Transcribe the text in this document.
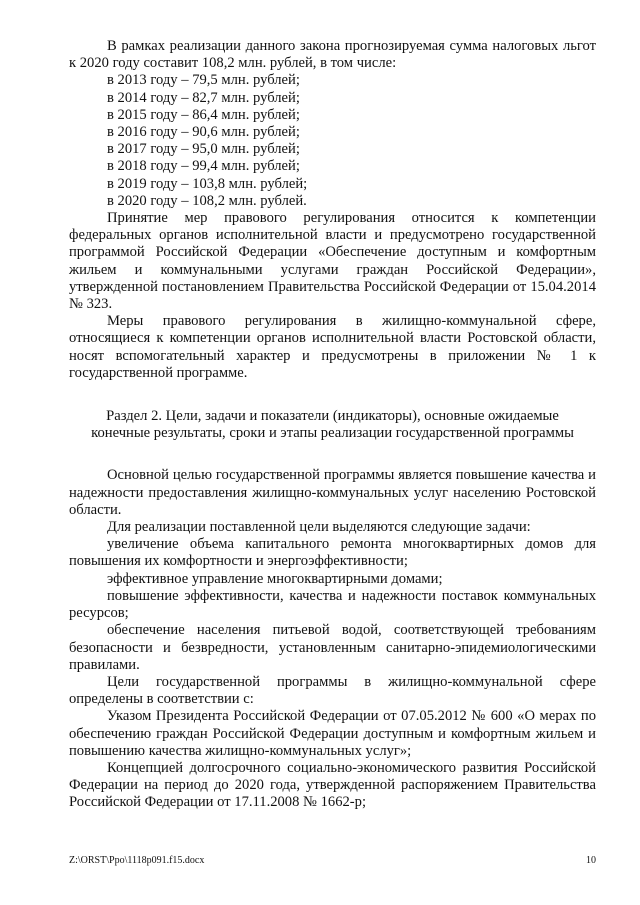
В рамках реализации данного закона прогнозируемая сумма налоговых льгот к 2020 году составит 108,2 млн. рублей, в том числе:

в 2013 году – 79,5 млн. рублей;

в 2014 году – 82,7 млн. рублей;

в 2015 году – 86,4 млн. рублей;

в 2016 году – 90,6 млн. рублей;

в 2017 году – 95,0 млн. рублей;

в 2018 году – 99,4 млн. рублей;

в 2019 году – 103,8 млн. рублей;

в 2020 году – 108,2 млн. рублей.

Принятие мер правового регулирования относится к компетенции федеральных органов исполнительной власти и предусмотрено государственной программой Российской Федерации «Обеспечение доступным и комфортным жильем и коммунальными услугами граждан Российской Федерации», утвержденной постановлением Правительства Российской Федерации от 15.04.2014 № 323.

Меры правового регулирования в жилищно-коммунальной сфере, относящиеся к компетенции органов исполнительной власти Ростовской области, носят вспомогательный характер и предусмотрены в приложении № 1 к государственной программе.

Раздел 2. Цели, задачи и показатели (индикаторы), основные ожидаемые
конечные результаты, сроки и этапы реализации государственной программы

Основной целью государственной программы является повышение качества и надежности предоставления жилищно-коммунальных услуг населению Ростовской области.

Для реализации поставленной цели выделяются следующие задачи:

увеличение объема капитального ремонта многоквартирных домов для повышения их комфортности и энергоэффективности;

эффективное управление многоквартирными домами;

повышение эффективности, качества и надежности поставок коммунальных ресурсов;

обеспечение населения питьевой водой, соответствующей требованиям безопасности и безвредности, установленным санитарно-эпидемиологическими правилами.

Цели государственной программы в жилищно-коммунальной сфере определены в соответствии с:

Указом Президента Российской Федерации от 07.05.2012 № 600 «О мерах по обеспечению граждан Российской Федерации доступным и комфортным жильем и повышению качества жилищно-коммунальных услуг»;

Концепцией долгосрочного социально-экономического развития Российской Федерации на период до 2020 года, утвержденной распоряжением Правительства Российской Федерации от 17.11.2008 № 1662-р;

Z:\ORST\Ppo\1118p091.f15.docx	10
